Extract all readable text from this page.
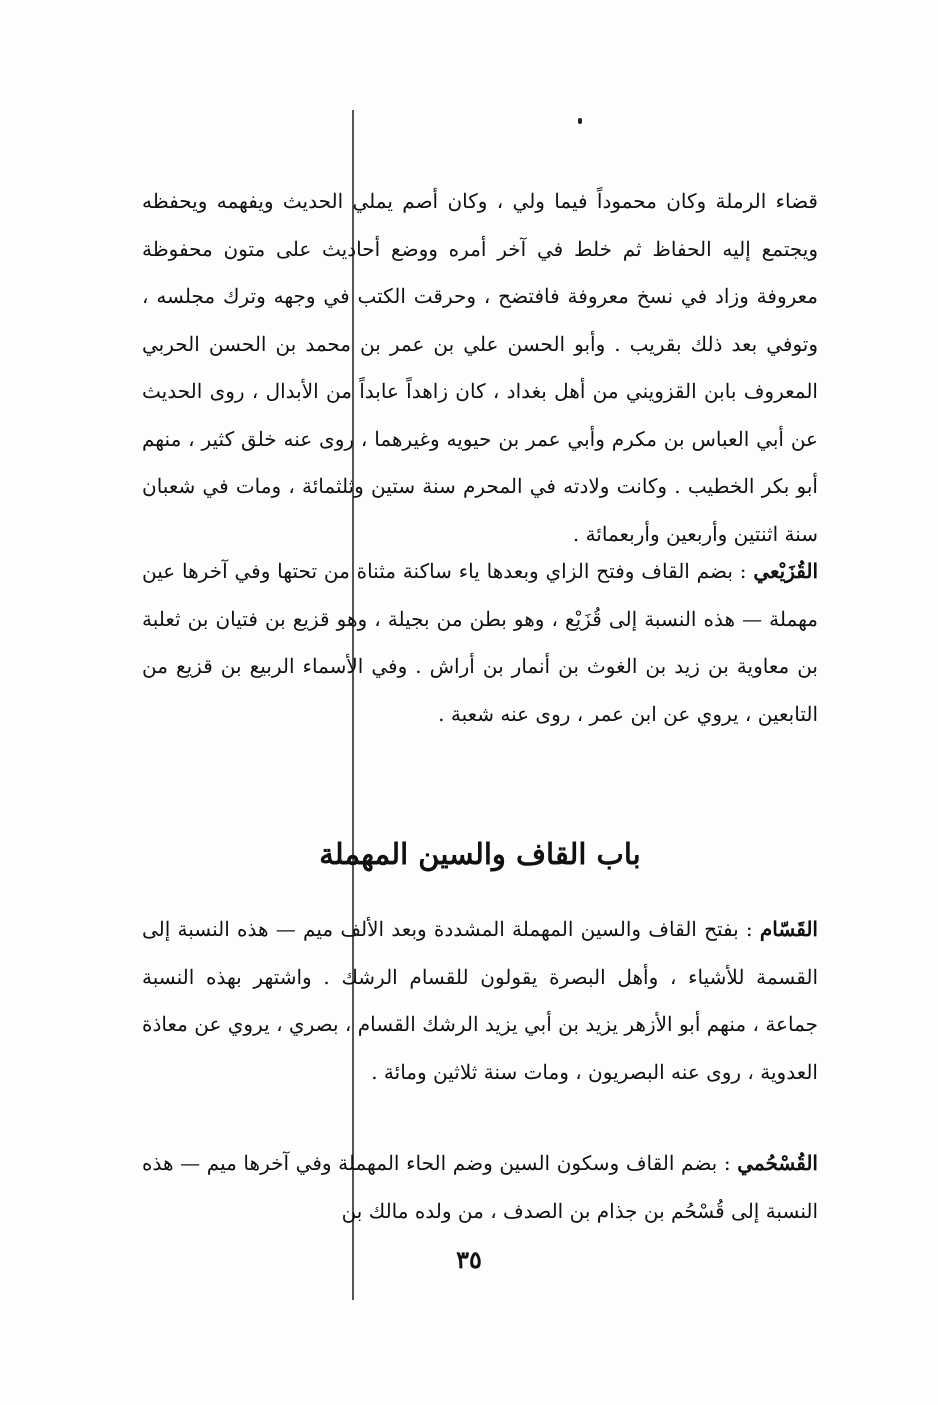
قضاء الرملة وكان محموداً فيما ولي ، وكان أصم يملي الحديث ويفهمه ويحفظه ويجتمع إليه الحفاظ ثم خلط في آخر أمره ووضع أحاديث على متون محفوظة معروفة وزاد في نسخ معروفة فافتضح ، وحرقت الكتب في وجهه وترك مجلسه ، وتوفي بعد ذلك بقريب . وأبو الحسن علي بن عمر بن محمد بن الحسن الحربي المعروف بابن القزويني من أهل بغداد ، كان زاهداً عابداً من الأبدال ، روى الحديث عن أبي العباس بن مكرم وأبي عمر بن حيويه وغيرهما ، روى عنه خلق كثير ، منهم أبو بكر الخطيب . وكانت ولادته في المحرم سنة ستين وثلثمائة ، ومات في شعبان سنة اثنتين وأربعين وأربعمائة .

القُزَيْعي : بضم القاف وفتح الزاي وبعدها ياء ساكنة مثناة من تحتها وفي آخرها عين مهملة — هذه النسبة إلى قُزَيْع ، وهو بطن من بجيلة ، وهو قزيع بن فتيان بن ثعلبة بن معاوية بن زيد بن الغوث بن أنمار بن أراش . وفي الأسماء الربيع بن قزيع من التابعين ، يروي عن ابن عمر ، روى عنه شعبة .

باب القاف والسين المهملة

القَسّام : بفتح القاف والسين المهملة المشددة وبعد الألف ميم — هذه النسبة إلى القسمة للأشياء ، وأهل البصرة يقولون للقسام الرشك . واشتهر بهذه النسبة جماعة ، منهم أبو الأزهر يزيد بن أبي يزيد الرشك القسام ، بصري ، يروي عن معاذة العدوية ، روى عنه البصريون ، ومات سنة ثلاثين ومائة .

القُسْحُمي : بضم القاف وسكون السين وضم الحاء المهملة وفي آخرها ميم — هذه النسبة إلى قُسْحُم بن جذام بن الصدف ، من ولده مالك بن

٣٥
